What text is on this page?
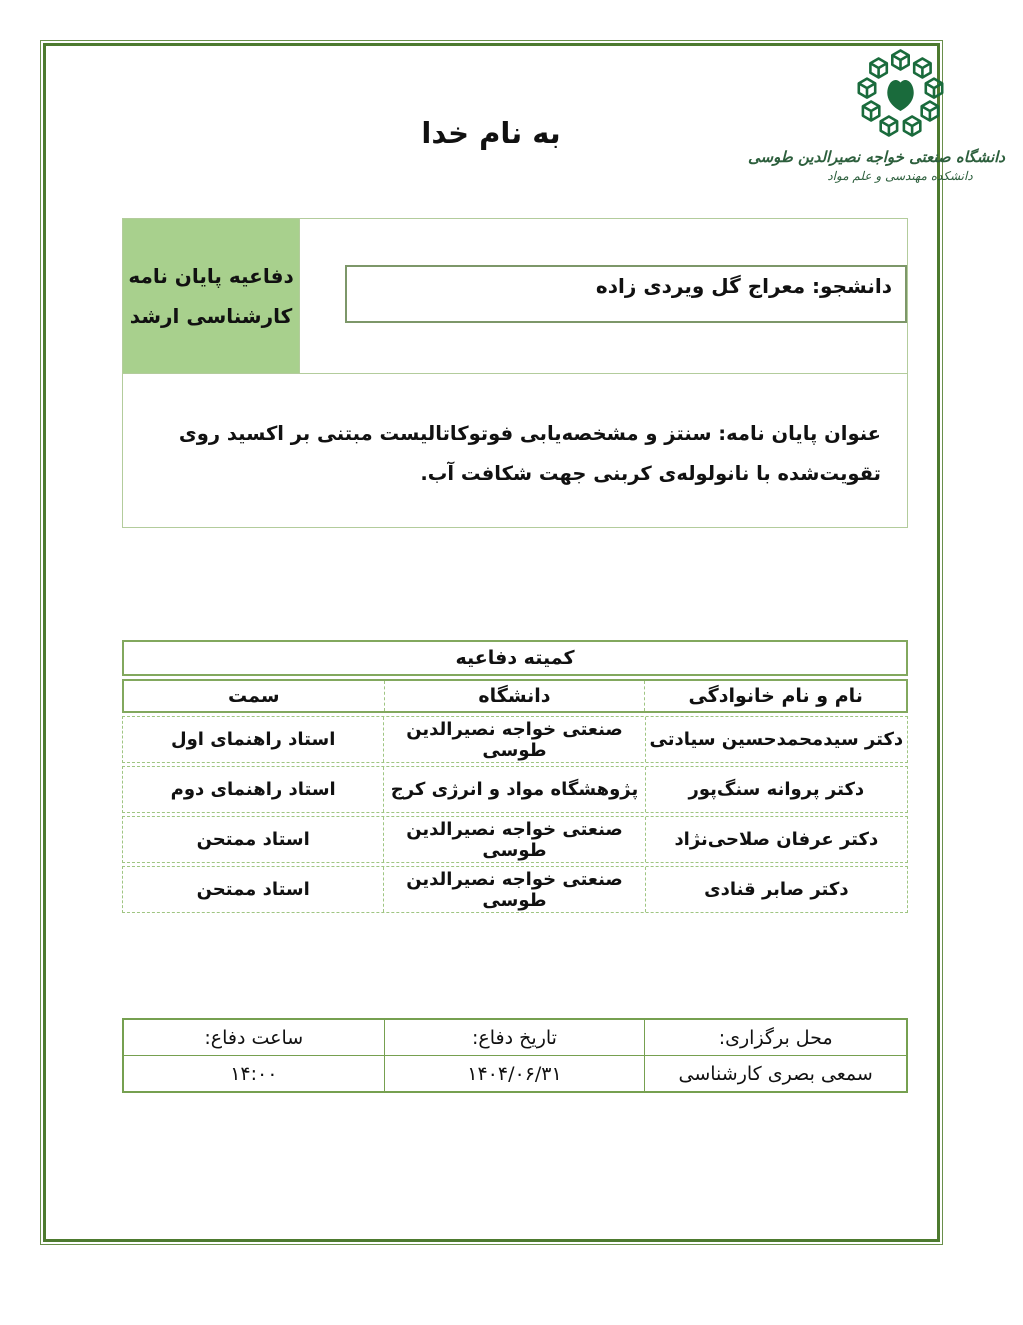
دانشگاه صنعتی خواجه نصیرالدین طوسی
دانشکده مهندسی و علم مواد
به نام خدا
دفاعیه پایان نامه
کارشناسی ارشد
دانشجو: معراج گل ویردی زاده
عنوان پایان نامه: سنتز و مشخصه‌یابی فوتوکاتالیست مبتنی بر اکسید روی تقویت‌شده با نانولوله‌ی کربنی جهت شکافت آب.
کمیته دفاعیه
نام و نام خانوادگی
دانشگاه
سمت
دکتر سیدمحمدحسین سیادتی
صنعتی خواجه نصیرالدین طوسی
استاد راهنمای اول
دکتر پروانه سنگ‌پور
پژوهشگاه مواد و انرژی کرج
استاد راهنمای دوم
دکتر عرفان صلاحی‌نژاد
صنعتی خواجه نصیرالدین طوسی
استاد ممتحن
دکتر صابر قنادی
صنعتی خواجه نصیرالدین طوسی
استاد ممتحن
محل برگزاری:
تاریخ دفاع:
ساعت دفاع:
سمعی بصری کارشناسی
۱۴۰۴/۰۶/۳۱
۱۴:۰۰
